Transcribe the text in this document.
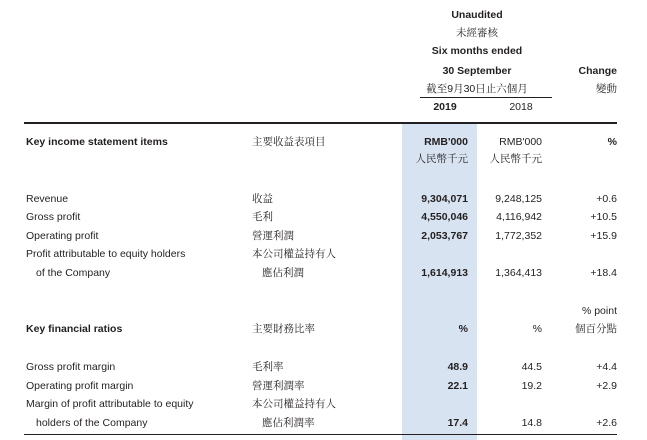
Unaudited
未經審核
Six months ended
30 September	Change
截至9月30日止六個月	變動
2019	2018
Key income statement items	主要收益表項目	RMB'000	RMB'000	%
人民幣千元	人民幣千元
Revenue	收益	9,304,071	9,248,125	+0.6
Gross profit	毛利	4,550,046	4,116,942	+10.5
Operating profit	營運利潤	2,053,767	1,772,352	+15.9
Profit attributable to equity holders	本公司權益持有人
of the Company	應佔利潤	1,614,913	1,364,413	+18.4
% point
Key financial ratios	主要財務比率	%	%	個百分點
Gross profit margin	毛利率	48.9	44.5	+4.4
Operating profit margin	營運利潤率	22.1	19.2	+2.9
Margin of profit attributable to equity	本公司權益持有人
holders of the Company	應佔利潤率	17.4	14.8	+2.6
